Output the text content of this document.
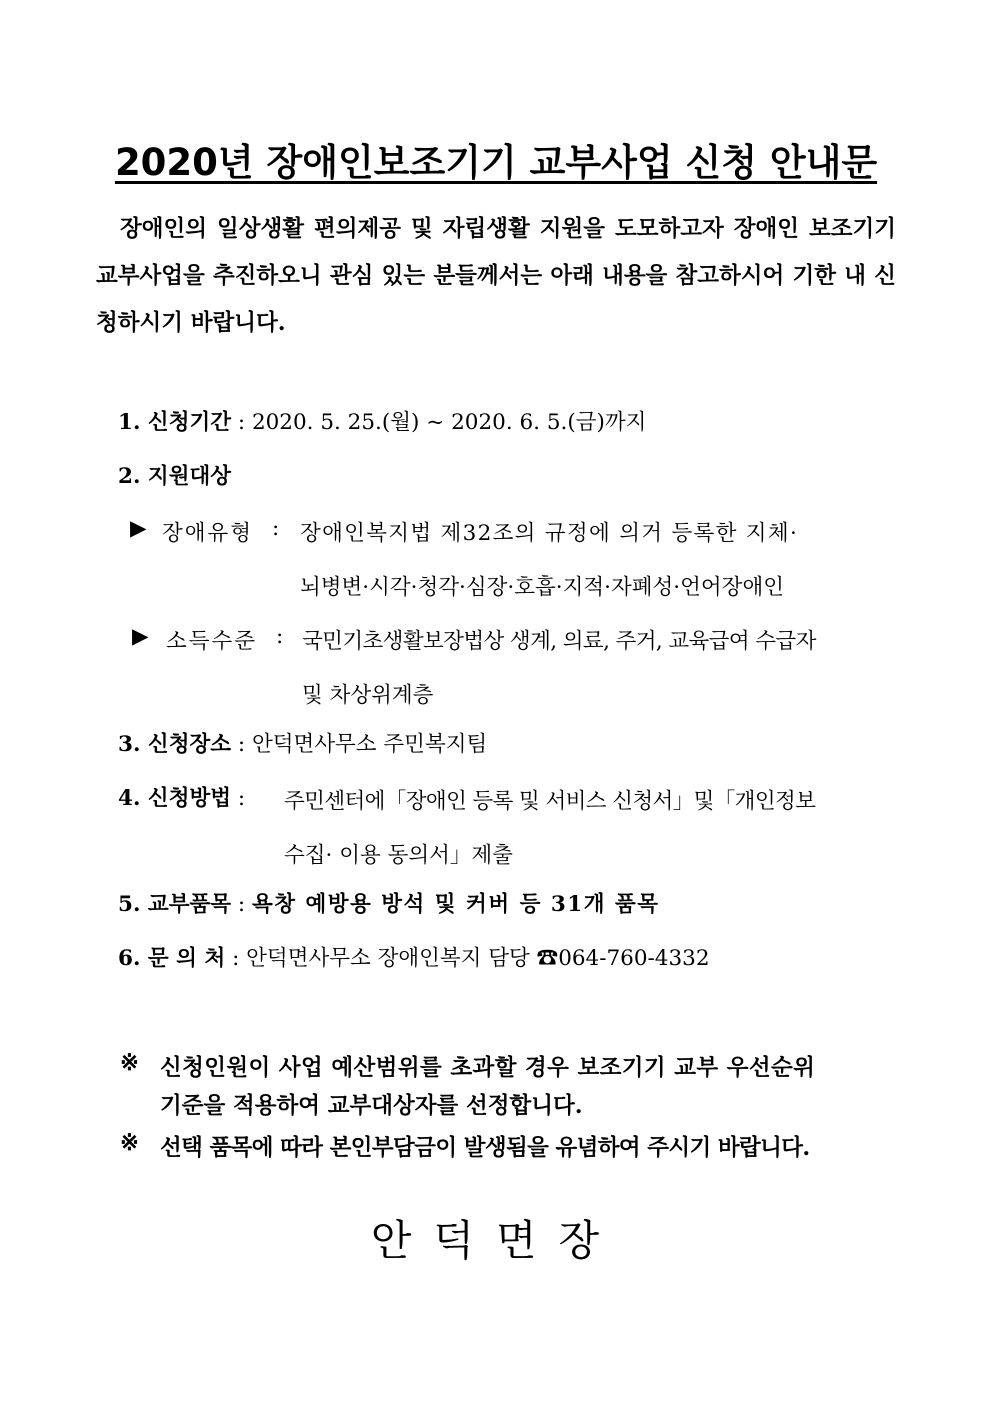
2020년 장애인보조기기 교부사업 신청 안내문

장애인의 일상생활 편의제공 및 자립생활 지원을 도모하고자 장애인 보조기기 교부사업을 추진하오니 관심 있는 분들께서는 아래 내용을 참고하시어 기한 내 신청하시기 바랍니다.

1. 신청기간 : 2020. 5. 25.(월) ~ 2020. 6. 5.(금)까지
2. 지원대상
▶ 장애유형 : 장애인복지법 제32조의 규정에 의거 등록한 지체·
뇌병변·시각·청각·심장·호흡·지적·자폐성·언어장애인
▶ 소득수준 : 국민기초생활보장법상 생계, 의료, 주거, 교육급여 수급자
및 차상위계층
3. 신청장소 : 안덕면사무소 주민복지팀
4. 신청방법 : 주민센터에「장애인 등록 및 서비스 신청서」및「개인정보
수집· 이용 동의서」제출
5. 교부품목 : 욕창 예방용 방석 및 커버 등 31개 품목
6. 문 의 처 : 안덕면사무소 장애인복지 담당 ☎064-760-4332
※ 신청인원이 사업 예산범위를 초과할 경우 보조기기 교부 우선순위
기준을 적용하여 교부대상자를 선정합니다.
※ 선택 품목에 따라 본인부담금이 발생됨을 유념하여 주시기 바랍니다.
안덕면장
